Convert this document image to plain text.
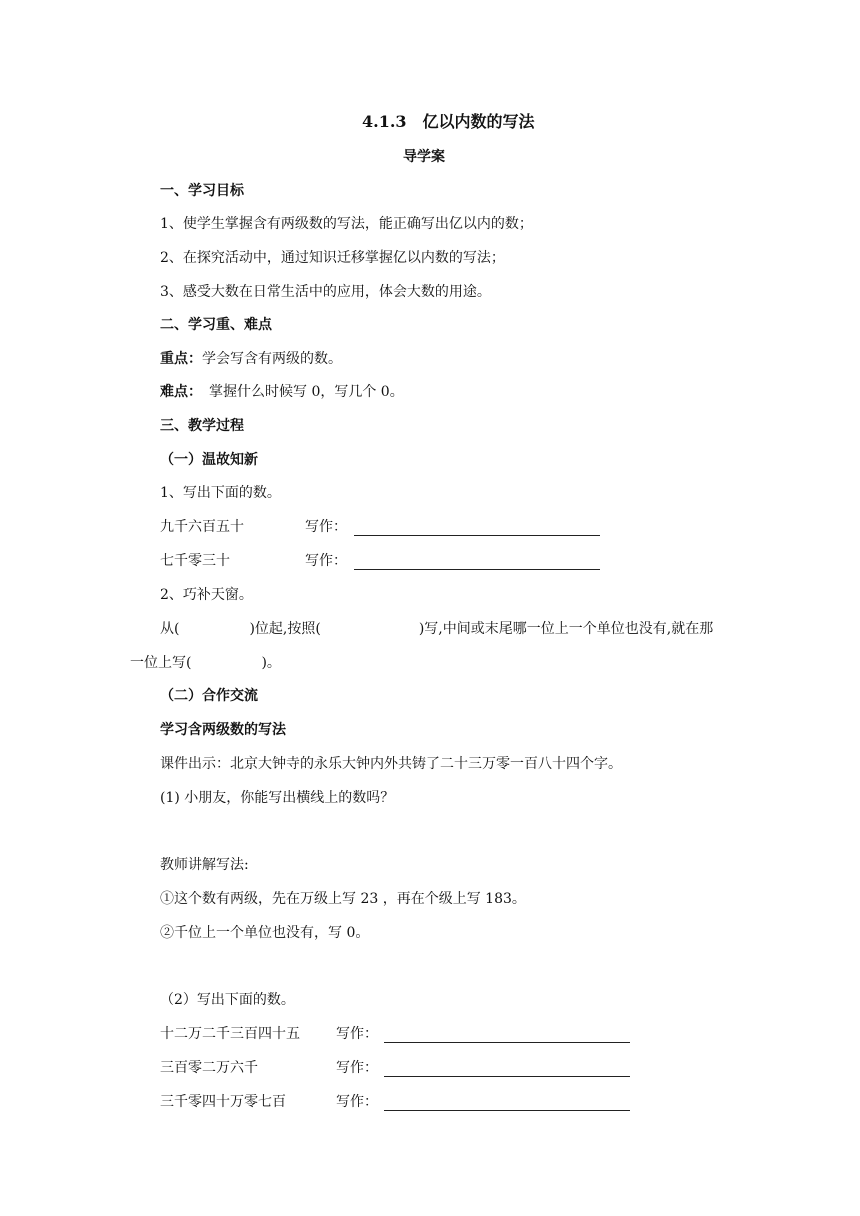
4.1.3　亿以内数的写法
导学案
一、学习目标
1、使学生掌握含有两级数的写法，能正确写出亿以内的数；
2、在探究活动中，通过知识迁移掌握亿以内数的写法；
3、感受大数在日常生活中的应用，体会大数的用途。
二、学习重、难点
重点：学会写含有两级的数。
难点：　掌握什么时候写 0，写几个 0。
三、教学过程
（一）温故知新
1、写出下面的数。
九千六百五十	写作：
七千零三十	写作：
2、巧补天窗。
从(　　　　　)位起,按照(　　　　　　　)写,中间或末尾哪一位上一个单位也没有,就在那
一位上写(　　　　　)。
（二）合作交流
学习含两级数的写法
课件出示：北京大钟寺的永乐大钟内外共铸了二十三万零一百八十四个字。
(1) 小朋友，你能写出横线上的数吗？
教师讲解写法:
①这个数有两级，先在万级上写 23 ，再在个级上写 183。
②千位上一个单位也没有，写 0。
（2）写出下面的数。
十二万二千三百四十五	写作：
三百零二万六千	写作：
三千零四十万零七百	写作：
